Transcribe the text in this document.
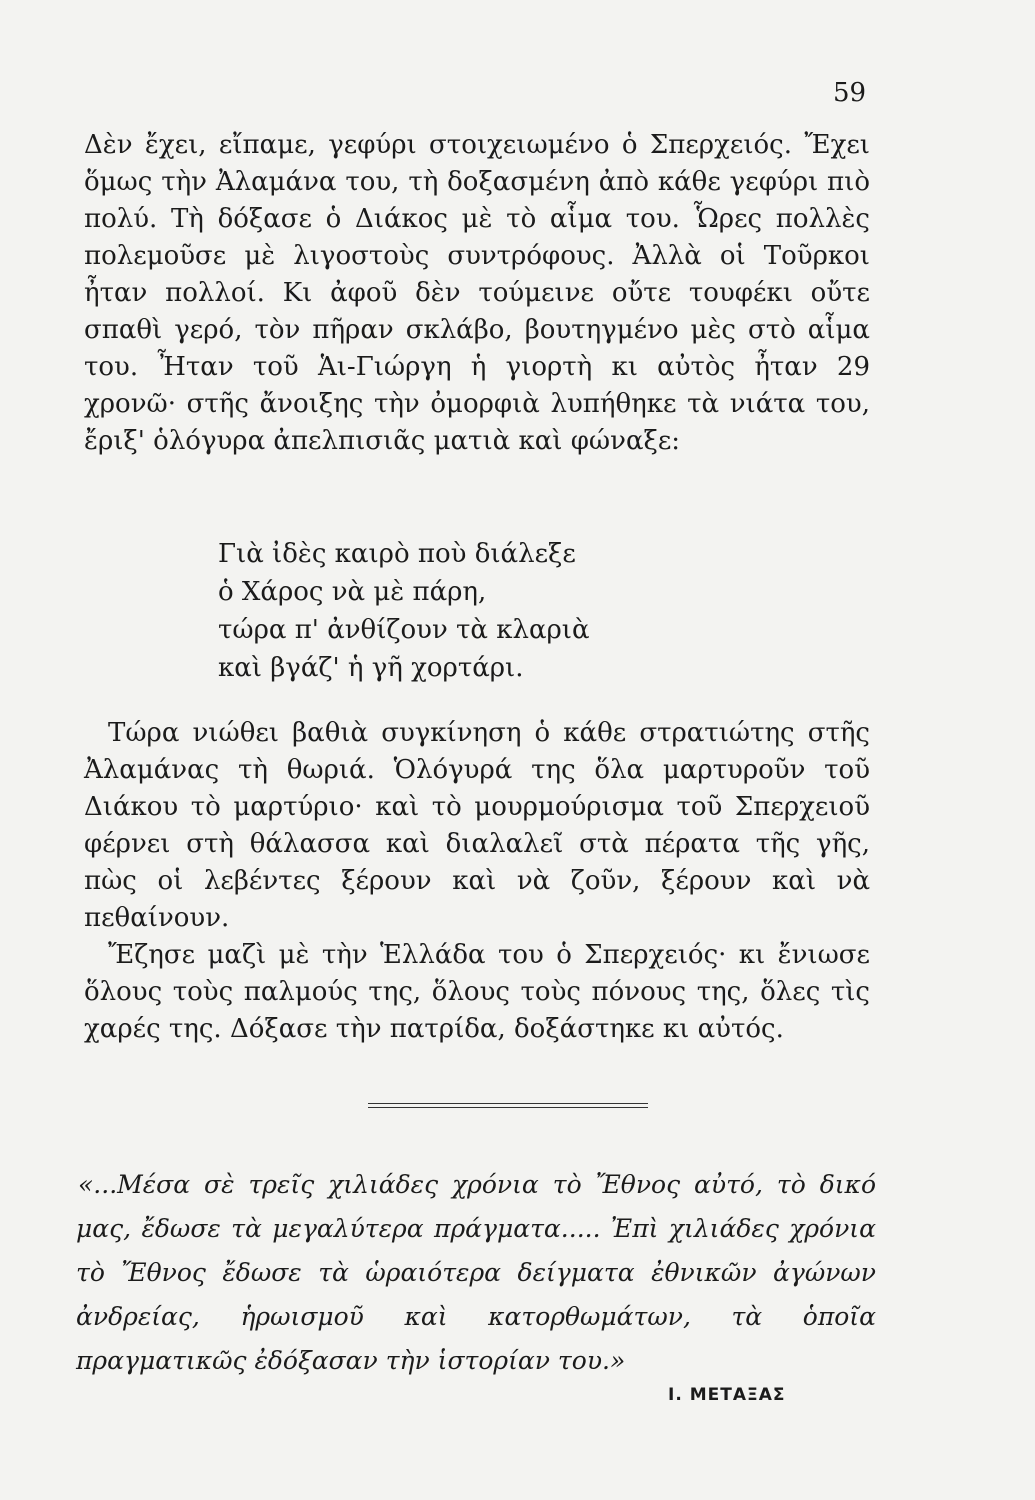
59

Δὲν ἔχει, εἴπαμε, γεφύρι στοιχειωμένο ὁ Σπερχειός. Ἔχει ὅμως τὴν Ἀλαμάνα του, τὴ δοξασμένη ἀπὸ κάθε γεφύρι πιὸ πολύ. Τὴ δόξασε ὁ Διάκος μὲ τὸ αἷμα του. Ὧρες πολλὲς πολεμοῦσε μὲ λιγοστοὺς συντρόφους. Ἀλλὰ οἱ Τοῦρκοι ἦταν πολλοί. Κι ἀφοῦ δὲν τούμεινε οὔτε τουφέκι οὔτε σπαθὶ γερό, τὸν πῆραν σκλάβο, βουτηγμένο μὲς στὸ αἷμα του. Ἦταν τοῦ Ἁι-Γιώργη ἡ γιορτὴ κι αὐτὸς ἦταν 29 χρονῶ· στῆς ἄνοιξης τὴν ὀμορφιὰ λυπήθηκε τὰ νιάτα του, ἔριξ' ὁλόγυρα ἀπελπισιᾶς ματιὰ καὶ φώναξε:

Γιὰ ἰδὲς καιρὸ ποὺ διάλεξε
ὁ Χάρος νὰ μὲ πάρη,
τώρα π' ἀνθίζουν τὰ κλαριὰ
καὶ βγάζ' ἡ γῆ χορτάρι.

Τώρα νιώθει βαθιὰ συγκίνηση ὁ κάθε στρατιώτης στῆς Ἀλαμάνας τὴ θωριά. Ὁλόγυρά της ὅλα μαρτυροῦν τοῦ Διάκου τὸ μαρτύριο· καὶ τὸ μουρμούρισμα τοῦ Σπερχειοῦ φέρνει στὴ θάλασσα καὶ διαλαλεῖ στὰ πέρατα τῆς γῆς, πὼς οἱ λεβέντες ξέρουν καὶ νὰ ζοῦν, ξέρουν καὶ νὰ πεθαίνουν.

Ἔζησε μαζὶ μὲ τὴν Ἑλλάδα του ὁ Σπερχειός· κι ἔνιωσε ὅλους τοὺς παλμούς της, ὅλους τοὺς πόνους της, ὅλες τὶς χαρές της. Δόξασε τὴν πατρίδα, δοξάστηκε κι αὐτός.

«...Μέσα σὲ τρεῖς χιλιάδες χρόνια τὸ Ἔθνος αὐτό, τὸ δικό μας, ἔδωσε τὰ μεγαλύτερα πράγματα..... Ἐπὶ χιλιάδες χρόνια τὸ Ἔθνος ἔδωσε τὰ ὡραιότερα δείγματα ἐθνικῶν ἀγώνων ἀνδρείας, ἡρωισμοῦ καὶ κατορθωμάτων, τὰ ὁποῖα πραγματικῶς ἐδόξασαν τὴν ἱστορίαν του.»

Ι. ΜΕΤΑΞΑΣ
